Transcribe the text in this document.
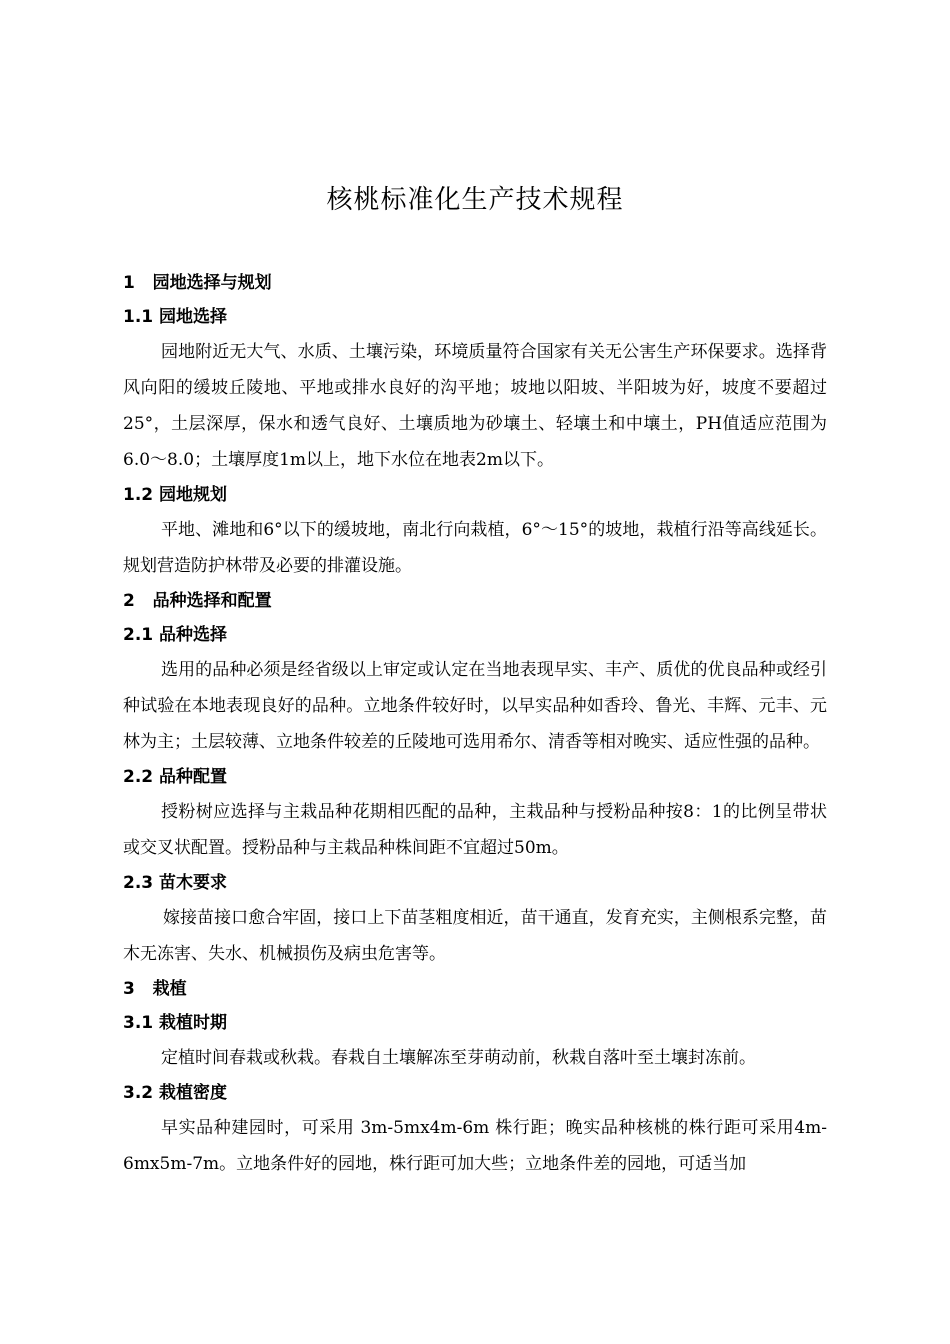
核桃标准化生产技术规程
1   园地选择与规划
1.1 园地选择

园地附近无大气、水质、土壤污染，环境质量符合国家有关无公害生产环保要求。选择背风向阳的缓坡丘陵地、平地或排水良好的沟平地；坡地以阳坡、半阳坡为好，坡度不要超过25°，土层深厚，保水和透气良好、土壤质地为砂壤土、轻壤土和中壤土，PH值适应范围为6.0～8.0；土壤厚度1m以上，地下水位在地表2m以下。

1.2 园地规划

平地、滩地和6°以下的缓坡地，南北行向栽植，6°～15°的坡地，栽植行沿等高线延长。规划营造防护林带及必要的排灌设施。

2   品种选择和配置
2.1 品种选择

选用的品种必须是经省级以上审定或认定在当地表现早实、丰产、质优的优良品种或经引种试验在本地表现良好的品种。立地条件较好时，以早实品种如香玲、鲁光、丰辉、元丰、元林为主；土层较薄、立地条件较差的丘陵地可选用希尔、清香等相对晚实、适应性强的品种。

2.2 品种配置

授粉树应选择与主栽品种花期相匹配的品种，主栽品种与授粉品种按8：1的比例呈带状或交叉状配置。授粉品种与主栽品种株间距不宜超过50m。

2.3 苗木要求

嫁接苗接口愈合牢固，接口上下苗茎粗度相近，苗干通直，发育充实，主侧根系完整，苗木无冻害、失水、机械损伤及病虫危害等。

3   栽植
3.1 栽植时期

定植时间春栽或秋栽。春栽自土壤解冻至芽萌动前，秋栽自落叶至土壤封冻前。

3.2 栽植密度

早实品种建园时，可采用 3m-5mx4m-6m 株行距；晚实品种核桃的株行距可采用4m-6mx5m-7m。立地条件好的园地，株行距可加大些；立地条件差的园地，可适当加
